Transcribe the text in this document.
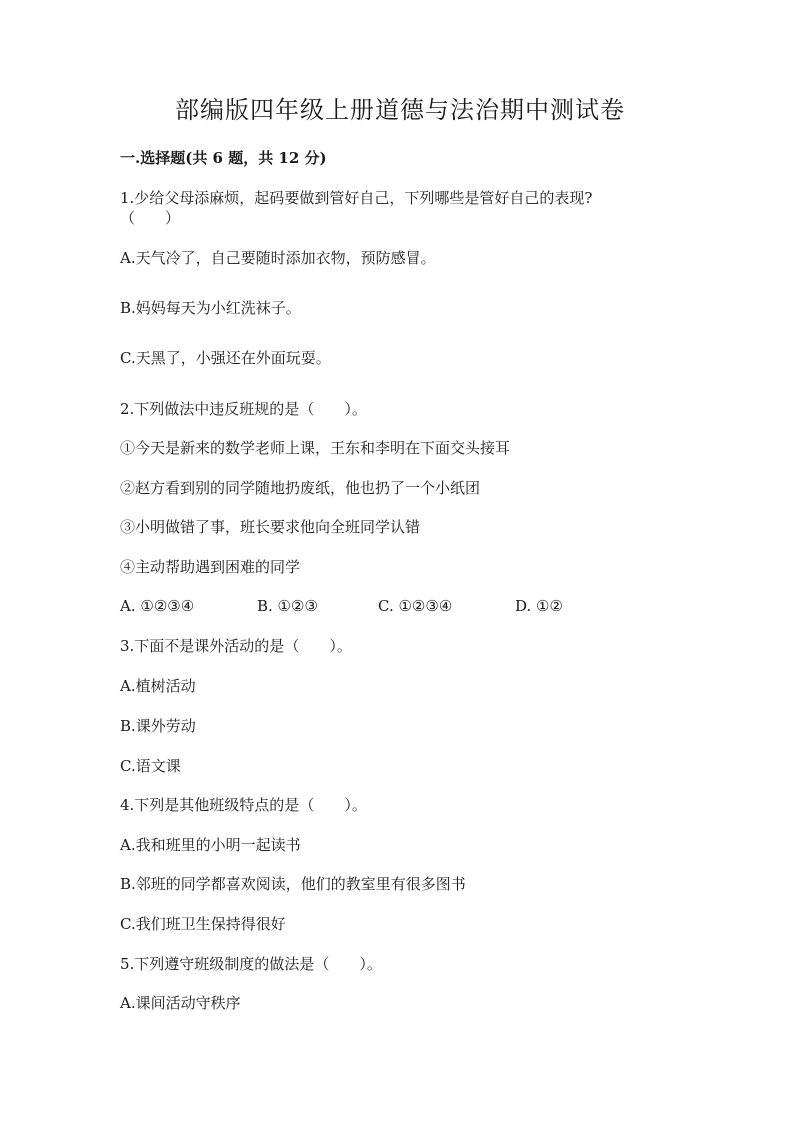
部编版四年级上册道德与法治期中测试卷
一.选择题(共 6 题，共 12 分)
1.少给父母添麻烦，起码要做到管好自己，下列哪些是管好自己的表现?
（　　）
A.天气冷了，自己要随时添加衣物，预防感冒。
B.妈妈每天为小红洗袜子。
C.天黑了，小强还在外面玩耍。
2.下列做法中违反班规的是（　　）。
①今天是新来的数学老师上课，王东和李明在下面交头接耳
②赵方看到别的同学随地扔废纸，他也扔了一个小纸团
③小明做错了事，班长要求他向全班同学认错
④主动帮助遇到困难的同学
A. ①②③④	B. ①②③	C. ①②③④	D. ①②
3.下面不是课外活动的是（　　）。
A.植树活动
B.课外劳动
C.语文课
4.下列是其他班级特点的是（　　）。
A.我和班里的小明一起读书
B.邻班的同学都喜欢阅读，他们的教室里有很多图书
C.我们班卫生保持得很好
5.下列遵守班级制度的做法是（　　）。
A.课间活动守秩序
